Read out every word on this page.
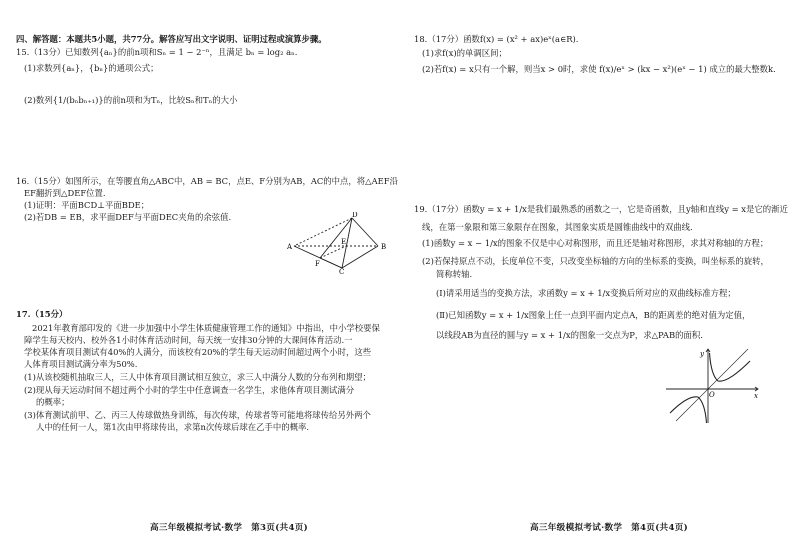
四、解答题：本题共5小题，共77分。解答应写出文字说明、证明过程或演算步骤。
15.（13分）已知数列{aₙ}的前n项和Sₙ = 1 − 2⁻ⁿ，且满足 bₙ = log₂ aₙ.
(1)求数列{aₙ}，{bₙ}的通项公式；
(2)数列{1/(bₙbₙ₊₁)}的前n项和为Tₙ，比较Sₙ和Tₙ的大小
16.（15分）如图所示，在等腰直角△ABC中，AB = BC，点E、F分别为AB，AC的中点，将△AEF沿
EF翻折到△DEF位置.
(1)证明：平面BCD⊥平面BDE；
(2)若DB = EB，求平面DEF与平面DEC夹角的余弦值.
A
D
E
B
F
C
17.（15分）
2021年教育部印发的《进一步加强中小学生体质健康管理工作的通知》中指出，中小学校要保
障学生每天校内、校外各1小时体育活动时间，每天统一安排30分钟的大课间体育活动.一
学校某体育项目测试有40%的人满分，而该校有20%的学生每天运动时间超过两个小时，这些
人体育项目测试满分率为50%.
(1)从该校随机抽取三人，三人中体育项目测试相互独立，求三人中满分人数的分布列和期望；
(2)现从每天运动时间不超过两个小时的学生中任意调查一名学生，求他体育项目测试满分
的概率；
(3)体育测试前甲、乙、丙三人传球做热身训练，每次传球，传球者等可能地将球传给另外两个
人中的任何一人，第1次由甲将球传出，求第n次传球后球在乙手中的概率.
高三年级模拟考试·数学　第3页(共4页)
18.（17分）函数f(x) = (x² + ax)eˣ(a∈R).
(1)求f(x)的单调区间；
(2)若f(x) = x只有一个解，则当x > 0时，求使 f(x)/eˣ > (kx − x²)(eˣ − 1) 成立的最大整数k.
19.（17分）函数y = x + 1/x是我们最熟悉的函数之一，它是奇函数，且y轴和直线y = x是它的渐近
线，在第一象限和第三象限存在图象，其图象实质是圆锥曲线中的双曲线.
(1)函数y = x − 1/x的图象不仅是中心对称图形，而且还是轴对称图形，求其对称轴l的方程；
(2)若保持原点不动，长度单位不变，只改变坐标轴的方向的坐标系的变换，叫坐标系的旋转，
简称转轴.
(Ⅰ)请采用适当的变换方法，求函数y = x + 1/x变换后所对应的双曲线标准方程；
(Ⅱ)已知函数y = x + 1/x图象上任一点到平面内定点A，B的距离差的绝对值为定值，
以线段AB为直径的圆与y = x + 1/x的图象一交点为P，求△PAB的面积.
y
x
O
高三年级模拟考试·数学　第4页(共4页)
